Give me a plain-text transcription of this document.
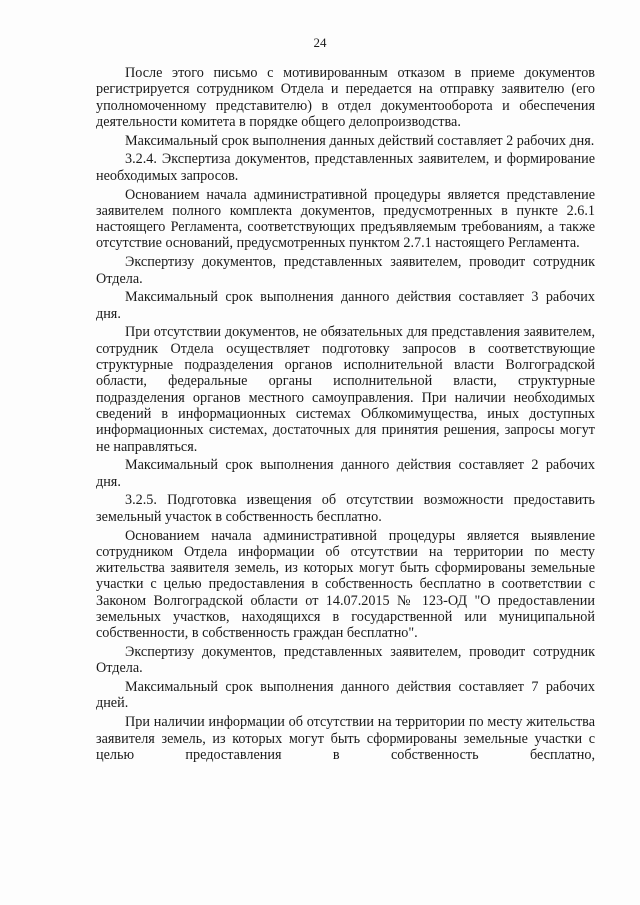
24

После этого письмо с мотивированным отказом в приеме документов регистрируется сотрудником Отдела и передается на отправку заявителю (его уполномоченному представителю) в отдел документооборота и обеспечения деятельности комитета в порядке общего делопроизводства.

Максимальный срок выполнения данных действий составляет 2 рабочих дня.

3.2.4. Экспертиза документов, представленных заявителем, и формирование необходимых запросов.

Основанием начала административной процедуры является представление заявителем полного комплекта документов, предусмотренных в пункте 2.6.1 настоящего Регламента, соответствующих предъявляемым требованиям, а также отсутствие оснований, предусмотренных пунктом 2.7.1 настоящего Регламента.

Экспертизу документов, представленных заявителем, проводит сотрудник Отдела.

Максимальный срок выполнения данного действия составляет 3 рабочих дня.

При отсутствии документов, не обязательных для представления заявителем, сотрудник Отдела осуществляет подготовку запросов в соответствующие структурные подразделения органов исполнительной власти Волгоградской области, федеральные органы исполнительной власти, структурные подразделения органов местного самоуправления. При наличии необходимых сведений в информационных системах Облкомимущества, иных доступных информационных системах, достаточных для принятия решения, запросы могут не направляться.

Максимальный срок выполнения данного действия составляет 2 рабочих дня.

3.2.5. Подготовка извещения об отсутствии возможности предоставить земельный участок в собственность бесплатно.

Основанием начала административной процедуры является выявление сотрудником Отдела информации об отсутствии на территории по месту жительства заявителя земель, из которых могут быть сформированы земельные участки с целью предоставления в собственность бесплатно в соответствии с Законом Волгоградской области от 14.07.2015 № 123-ОД "О предоставлении земельных участков, находящихся в государственной или муниципальной собственности, в собственность граждан бесплатно".

Экспертизу документов, представленных заявителем, проводит сотрудник Отдела.

Максимальный срок выполнения данного действия составляет 7 рабочих дней.

При наличии информации об отсутствии на территории по месту жительства заявителя земель, из которых могут быть сформированы земельные участки с целью предоставления в собственность бесплатно,
